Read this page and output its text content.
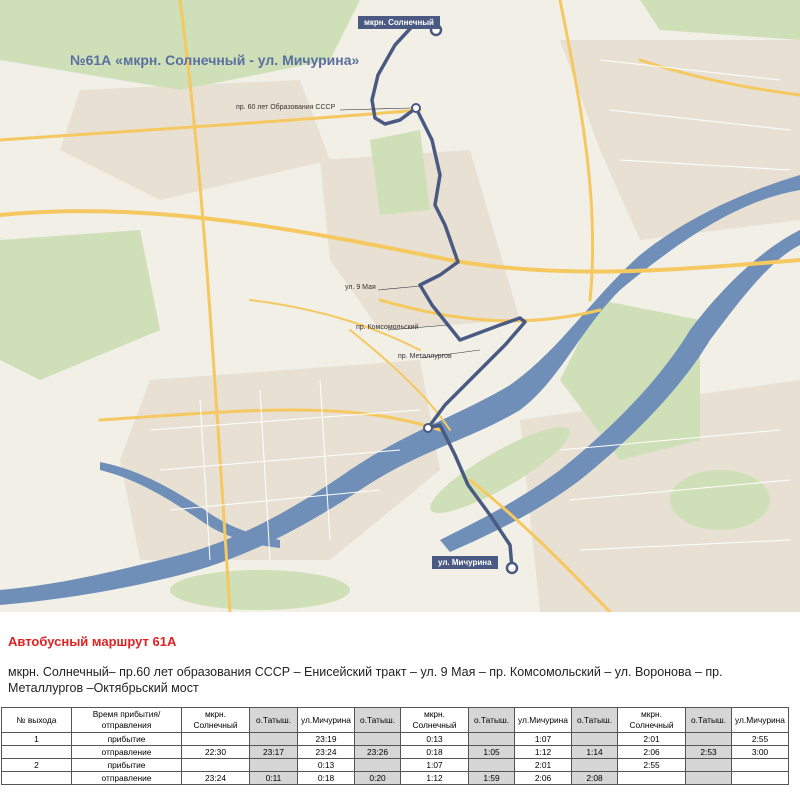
№61А «мкрн. Солнечный - ул. Мичурина»
мкрн. Солнечный
ул. Мичурина
пр. 60 лет Образования СССР
ул. 9 Мая
пр. Комсомольский
пр. Металлургов
Автобусный маршрут 61А
мкрн. Солнечный– пр.60 лет образования СССР – Енисейский тракт – ул. 9 Мая – пр. Комсомольский – ул. Воронова – пр. Металлургов –Октябрьский мост
№ выхода	Время прибытия/отправления	мкрн. Солнечный	о.Татыш.	ул.Мичурина	о.Татыш.	мкрн. Солнечный	о.Татыш.	ул.Мичурина	о.Татыш.	мкрн. Солнечный	о.Татыш.	ул.Мичурина
1	прибытие			23:19		0:13		1:07		2:01		2:55
	отправление	22:30	23:17	23:24	23:26	0:18	1:05	1:12	1:14	2:06	2:53	3:00
2	прибытие			0:13		1:07		2:01		2:55		
	отправление	23:24	0:11	0:18	0:20	1:12	1:59	2:06	2:08			
